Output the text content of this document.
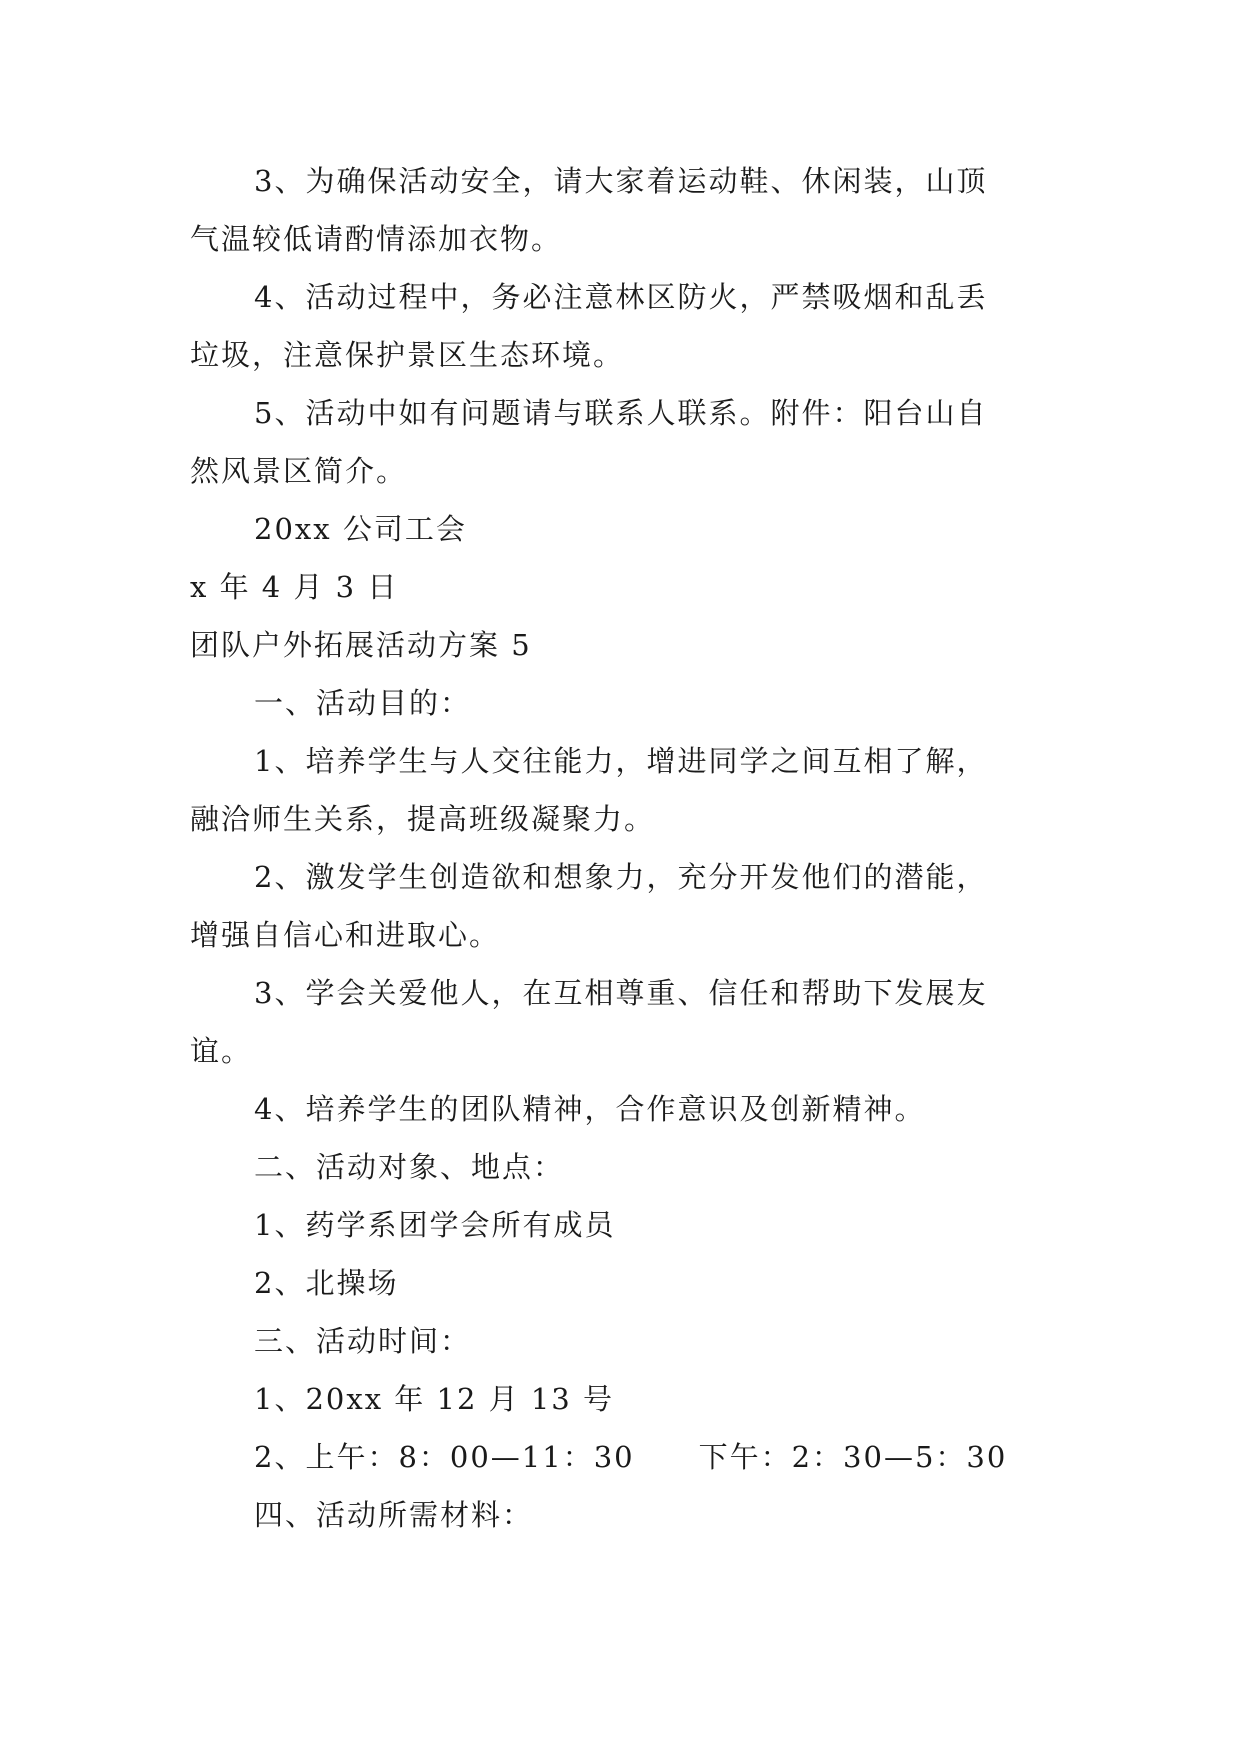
3、为确保活动安全，请大家着运动鞋、休闲装，山顶
气温较低请酌情添加衣物。
4、活动过程中，务必注意林区防火，严禁吸烟和乱丢
垃圾，注意保护景区生态环境。
5、活动中如有问题请与联系人联系。附件：阳台山自
然风景区简介。
20xx 公司工会
x 年 4 月 3 日
团队户外拓展活动方案 5
一、活动目的：
1、培养学生与人交往能力，增进同学之间互相了解，
融洽师生关系，提高班级凝聚力。
2、激发学生创造欲和想象力，充分开发他们的潜能，
增强自信心和进取心。
3、学会关爱他人，在互相尊重、信任和帮助下发展友
谊。
4、培养学生的团队精神，合作意识及创新精神。
二、活动对象、地点：
1、药学系团学会所有成员
2、北操场
三、活动时间：
1、20xx 年 12 月 13 号
2、上午：8：00—11：30 下午：2：30—5：30
四、活动所需材料：
